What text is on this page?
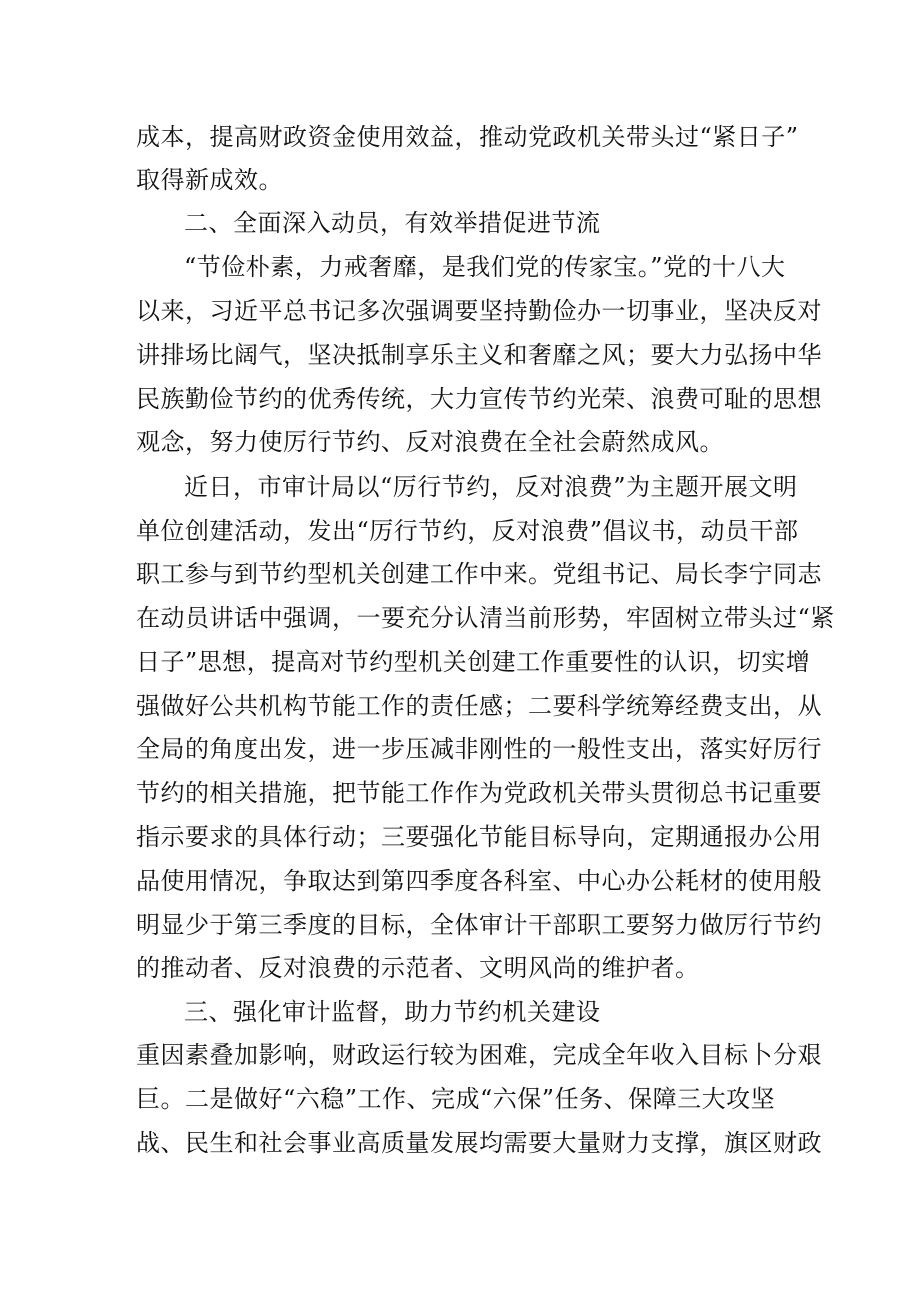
成本，提高财政资金使用效益，推动党政机关带头过“紧日子”
取得新成效。
二、全面深入动员，有效举措促进节流
“节俭朴素，力戒奢靡，是我们党的传家宝。”党的十八大
以来，习近平总书记多次强调要坚持勤俭办一切事业，坚决反对
讲排场比阔气，坚决抵制享乐主义和奢靡之风；要大力弘扬中华
民族勤俭节约的优秀传统，大力宣传节约光荣、浪费可耻的思想
观念，努力使厉行节约、反对浪费在全社会蔚然成风。
近日，市审计局以“厉行节约，反对浪费”为主题开展文明
单位创建活动，发出“厉行节约，反对浪费”倡议书，动员干部
职工参与到节约型机关创建工作中来。党组书记、局长李宁同志
在动员讲话中强调，一要充分认清当前形势，牢固树立带头过“紧
日子”思想，提高对节约型机关创建工作重要性的认识，切实增
强做好公共机构节能工作的责任感；二要科学统筹经费支出，从
全局的角度出发，进一步压减非刚性的一般性支出，落实好厉行
节约的相关措施，把节能工作作为党政机关带头贯彻总书记重要
指示要求的具体行动；三要强化节能目标导向，定期通报办公用
品使用情况，争取达到第四季度各科室、中心办公耗材的使用般
明显少于第三季度的目标，全体审计干部职工要努力做厉行节约
的推动者、反对浪费的示范者、文明风尚的维护者。
三、强化审计监督，助力节约机关建设
重因素叠加影响，财政运行较为困难，完成全年收入目标卜分艰
巨。二是做好“六稳”工作、完成“六保”任务、保障三大攻坚
战、民生和社会事业高质量发展均需要大量财力支撑，旗区财政
